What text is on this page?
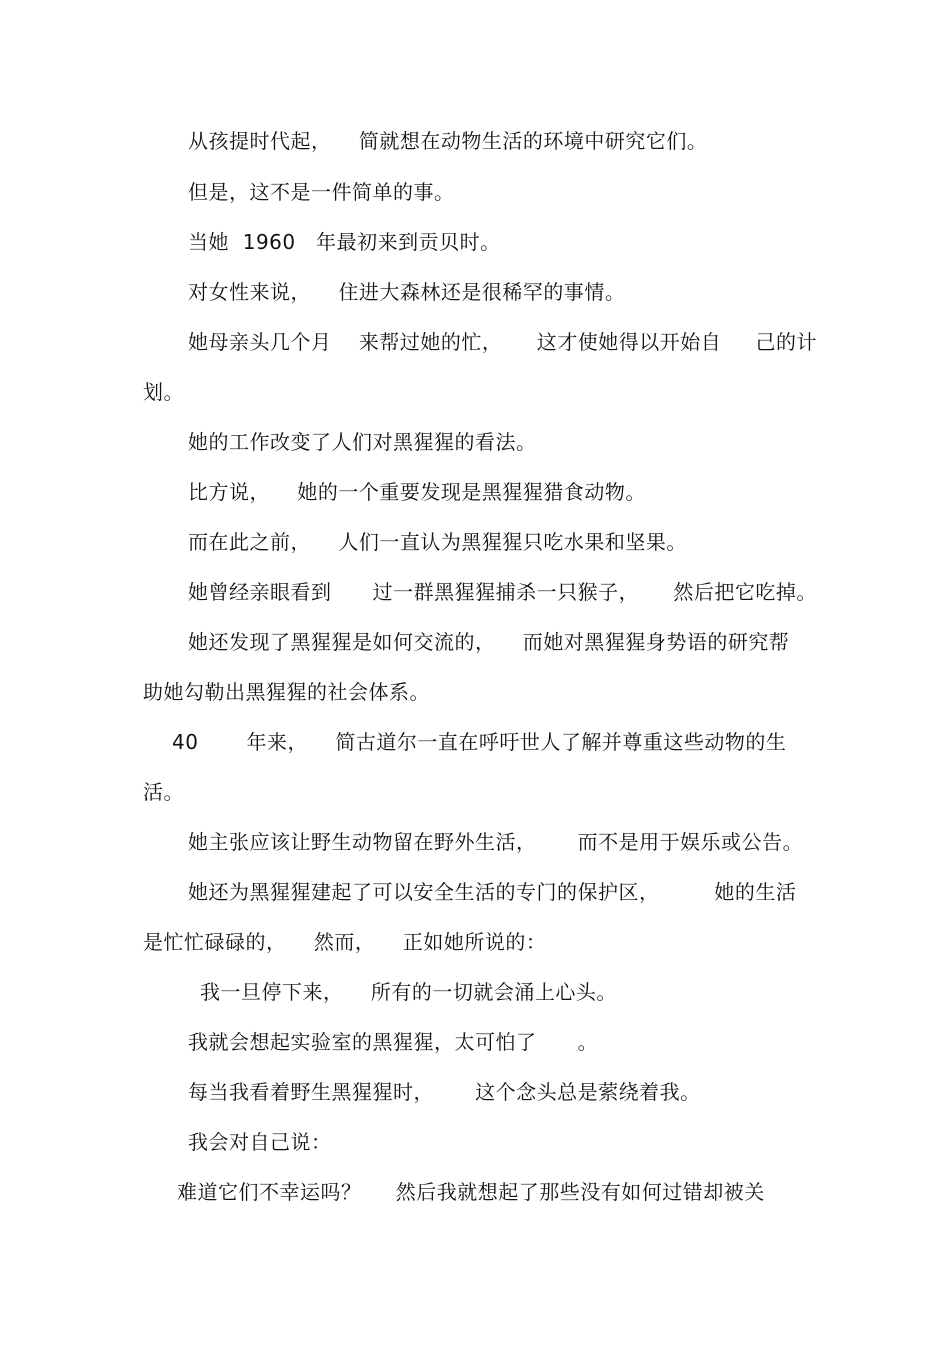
从孩提时代起，    简就想在动物生活的环境中研究它们。
但是，这不是一件简单的事。
当她  1960   年最初来到贡贝时。
对女性来说，    住进大森林还是很稀罕的事情。
她母亲头几个月    来帮过她的忙，     这才使她得以开始自     己的计
划。
她的工作改变了人们对黑猩猩的看法。
比方说，    她的一个重要发现是黑猩猩猎食动物。
而在此之前，    人们一直认为黑猩猩只吃水果和坚果。
她曾经亲眼看到      过一群黑猩猩捕杀一只猴子，     然后把它吃掉。
她还发现了黑猩猩是如何交流的，    而她对黑猩猩身势语的研究帮
助她勾勒出黑猩猩的社会体系。
40       年来，    简古道尔一直在呼吁世人了解并尊重这些动物的生
活。
她主张应该让野生动物留在野外生活，      而不是用于娱乐或公告。
她还为黑猩猩建起了可以安全生活的专门的保护区，        她的生活
是忙忙碌碌的，    然而，    正如她所说的：
我一旦停下来，    所有的一切就会涌上心头。
我就会想起实验室的黑猩猩，太可怕了      。
每当我看着野生黑猩猩时，      这个念头总是萦绕着我。
我会对自己说：
难道它们不幸运吗？     然后我就想起了那些没有如何过错却被关
